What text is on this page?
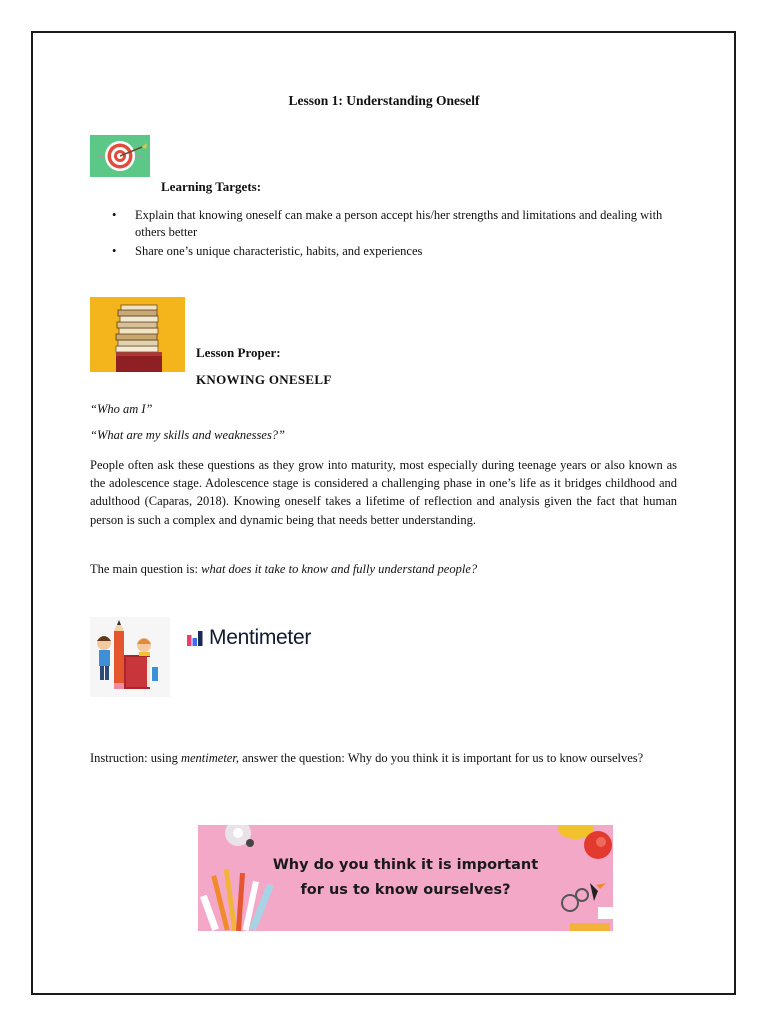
Lesson 1: Understanding Oneself
Learning Targets:
• Explain that knowing oneself can make a person accept his/her strengths and limitations and dealing with others better
• Share one’s unique characteristic, habits, and experiences
Lesson Proper:
KNOWING ONESELF
“Who am I”
“What are my skills and weaknesses?”
People often ask these questions as they grow into maturity, most especially during teenage years or also known as the adolescence stage. Adolescence stage is considered a challenging phase in one’s life as it bridges childhood and adulthood (Caparas, 2018). Knowing oneself takes a lifetime of reflection and analysis given the fact that human person is such a complex and dynamic being that needs better understanding.
The main question is: what does it take to know and fully understand people?
Mentimeter
Instruction: using mentimeter, answer the question: Why do you think it is important for us to know ourselves?
Why do you think it is important
for us to know ourselves?
